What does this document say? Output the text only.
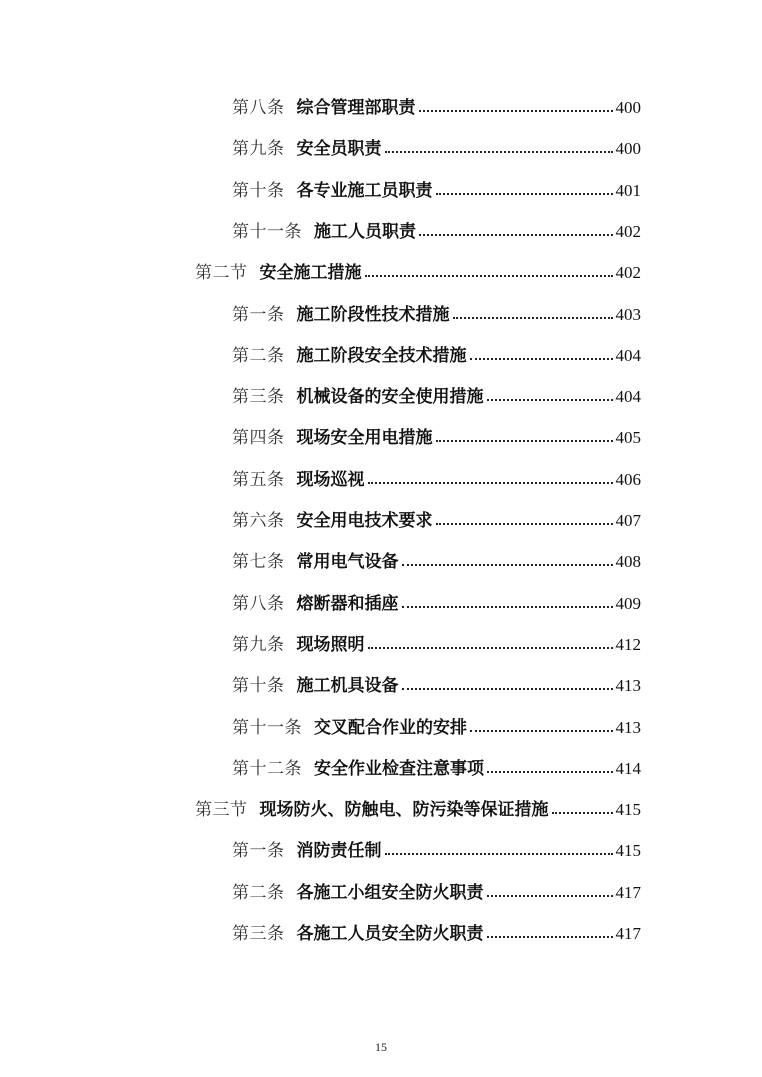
第八条 综合管理部职责	400
第九条 安全员职责	400
第十条 各专业施工员职责	401
第十一条 施工人员职责	402
第二节 安全施工措施	402
第一条 施工阶段性技术措施	403
第二条 施工阶段安全技术措施	404
第三条 机械设备的安全使用措施	404
第四条 现场安全用电措施	405
第五条 现场巡视	406
第六条 安全用电技术要求	407
第七条 常用电气设备	408
第八条 熔断器和插座	409
第九条 现场照明	412
第十条 施工机具设备	413
第十一条 交叉配合作业的安排	413
第十二条 安全作业检查注意事项	414
第三节 现场防火、防触电、防污染等保证措施	415
第一条 消防责任制	415
第二条 各施工小组安全防火职责	417
第三条 各施工人员安全防火职责	417
15
